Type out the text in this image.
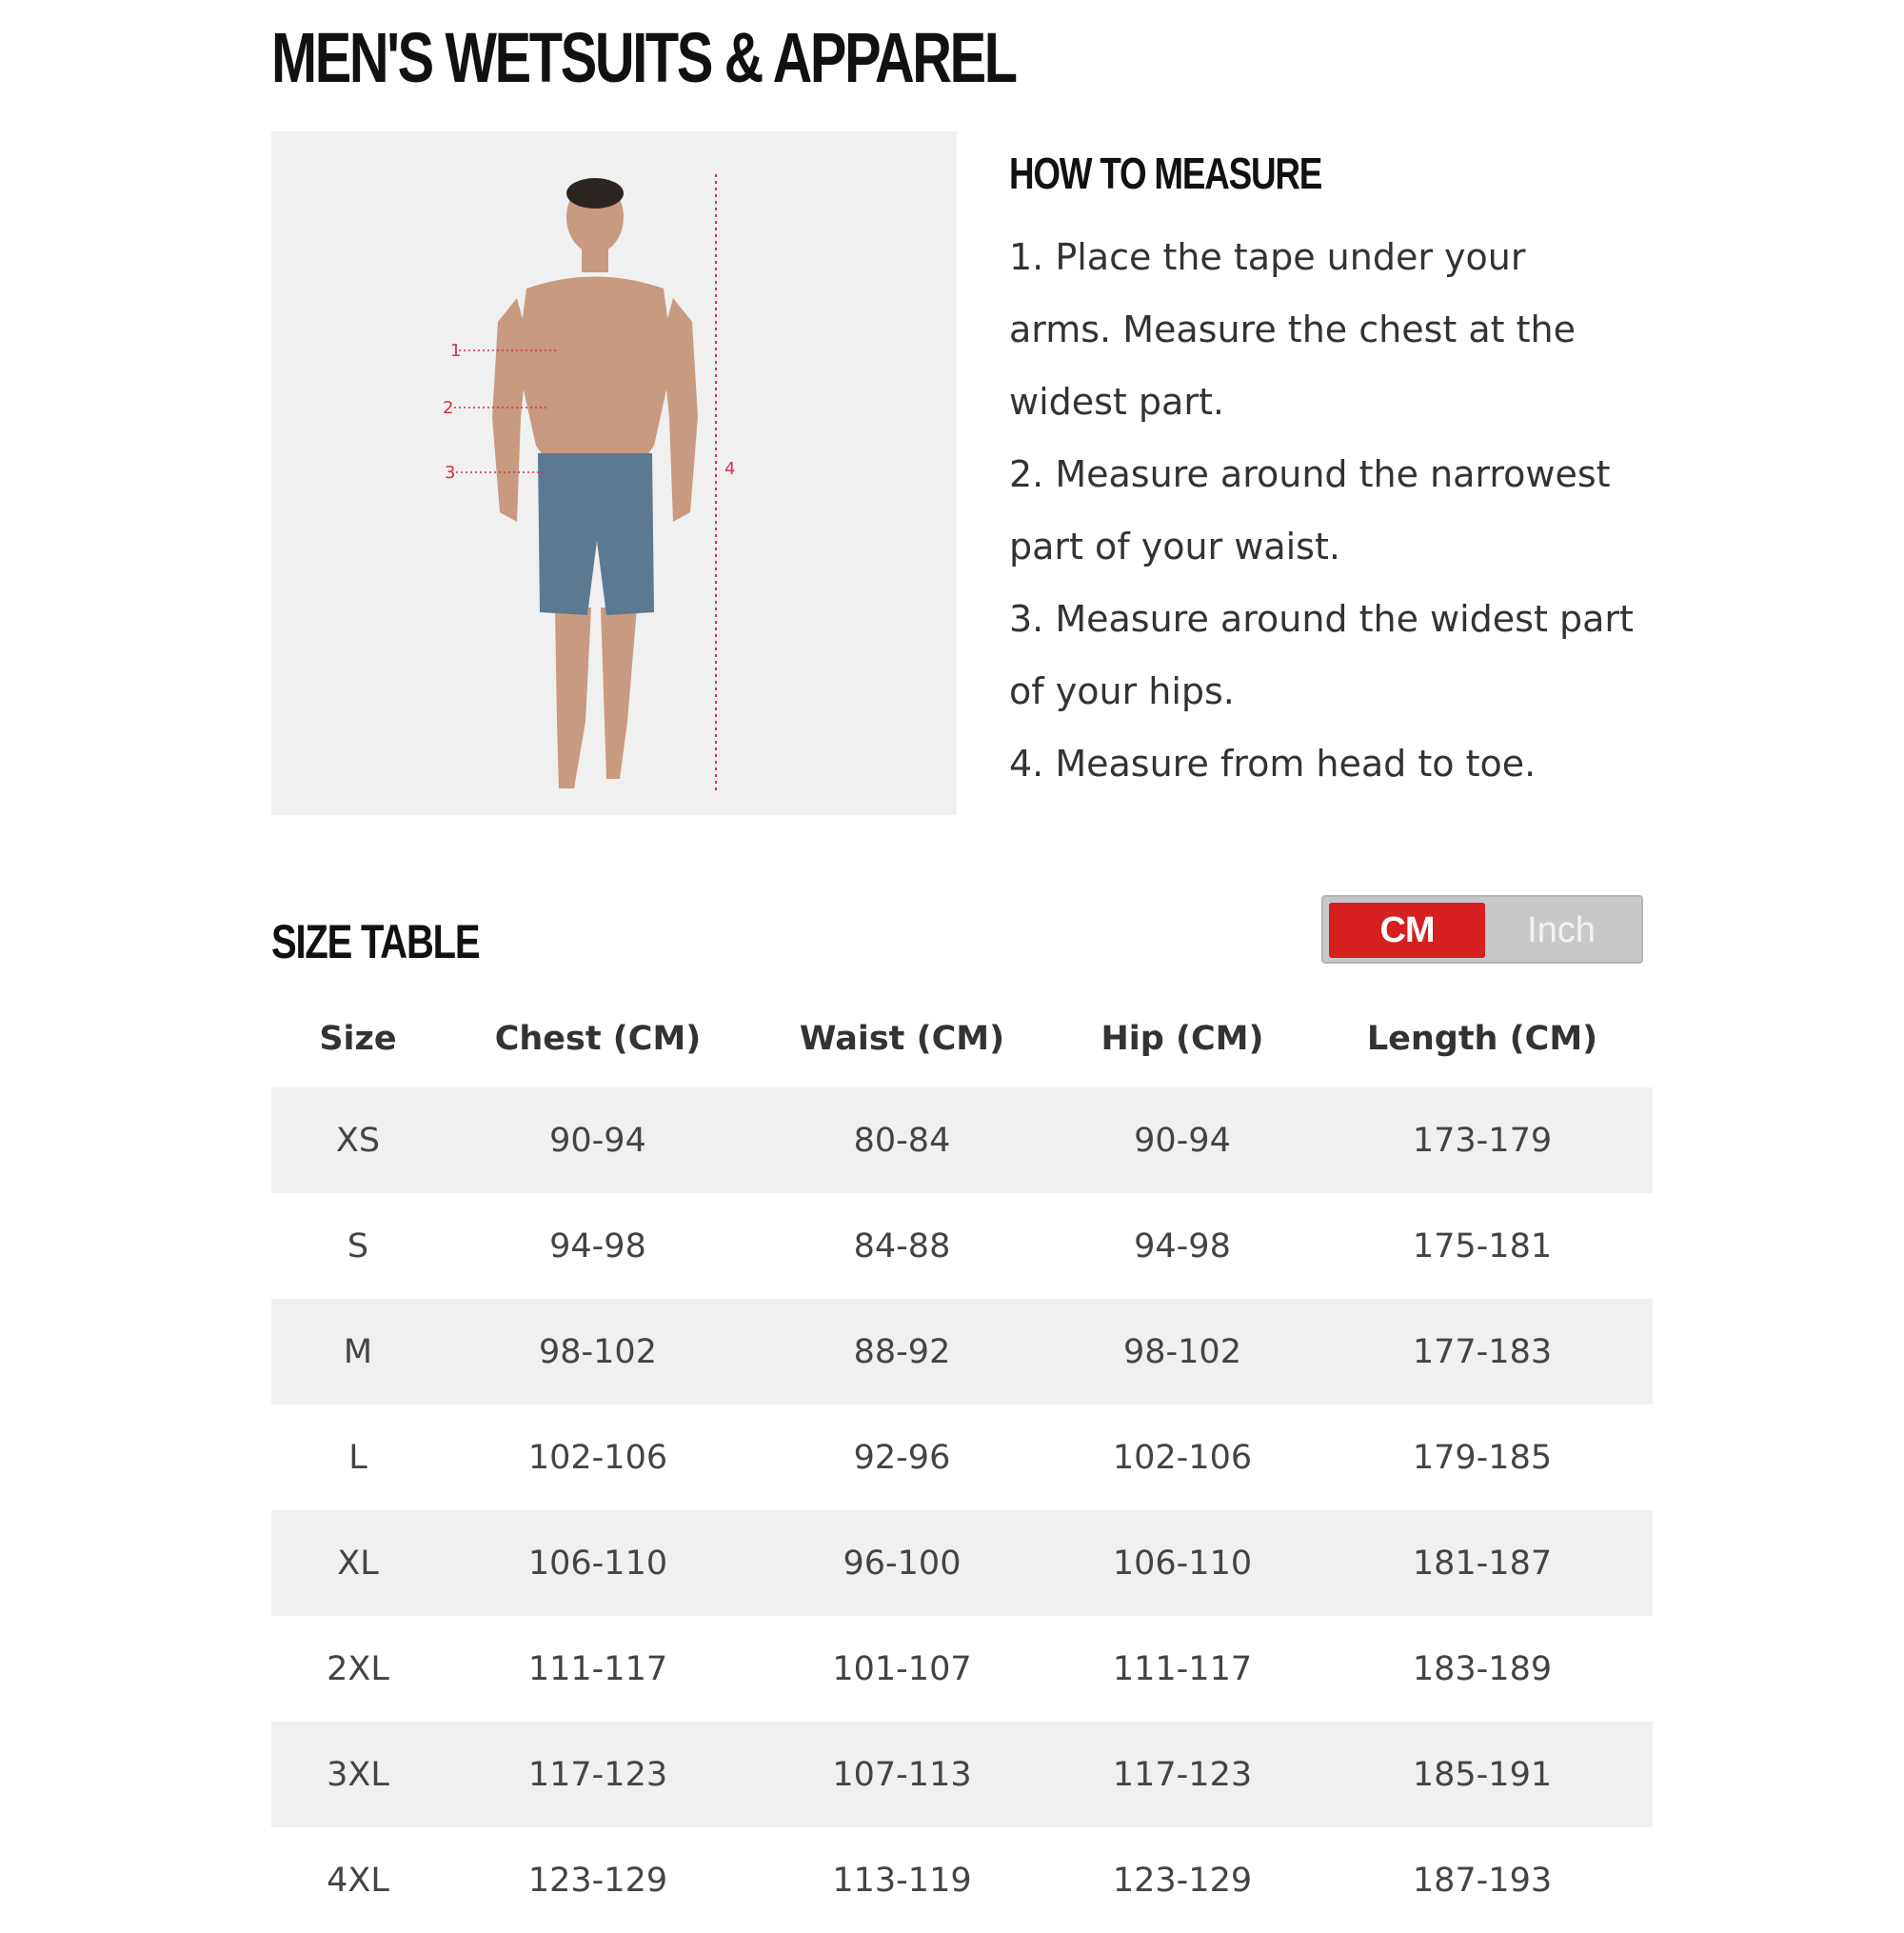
MEN'S WETSUITS & APPAREL
1
2
3	4
HOW TO MEASURE

1. Place the tape under your arms. Measure the chest at the widest part.

2. Measure around the narrowest part of your waist.

3. Measure around the widest part of your hips.

4. Measure from head to toe.

SIZE TABLE	CM	Inch
Size	Chest (CM)	Waist (CM)	Hip (CM)	Length (CM)
XS	90-94	80-84	90-94	173-179
S	94-98	84-88	94-98	175-181
M	98-102	88-92	98-102	177-183
L	102-106	92-96	102-106	179-185
XL	106-110	96-100	106-110	181-187
2XL	111-117	101-107	111-117	183-189
3XL	117-123	107-113	117-123	185-191
4XL	123-129	113-119	123-129	187-193
